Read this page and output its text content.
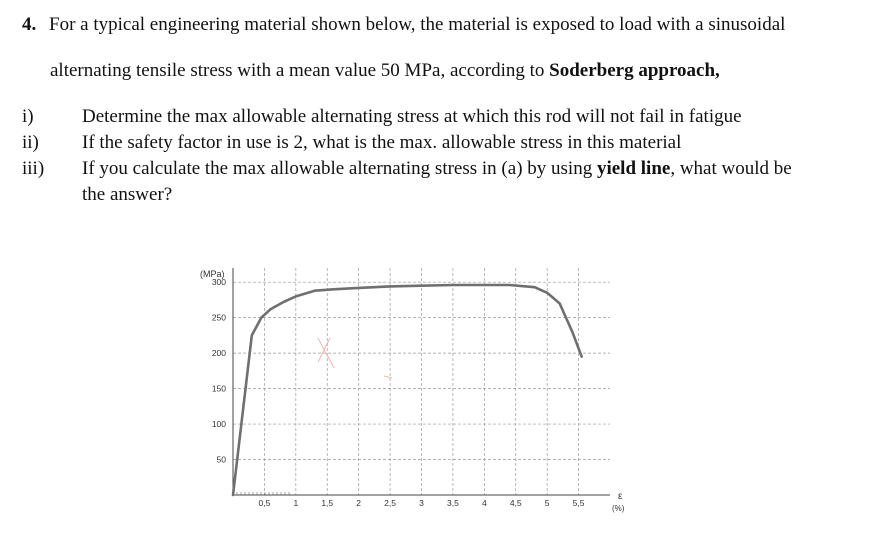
4. For a typical engineering material shown below, the material is exposed to load with a sinusoidal
alternating tensile stress with a mean value 50 MPa, according to Soderberg approach,
i)	Determine the max allowable alternating stress at which this rod will not fail in fatigue
ii) If the safety factor in use is 2, what is the max. allowable stress in this material
iii) If you calculate the max allowable alternating stress in (a) by using yield line, what would be
the answer?
300
250
200
150
100
50
0,5	1	1,5	2	2,5	3	3,5	4	4,5	5	5,5
(MPa)
ε
(%)
